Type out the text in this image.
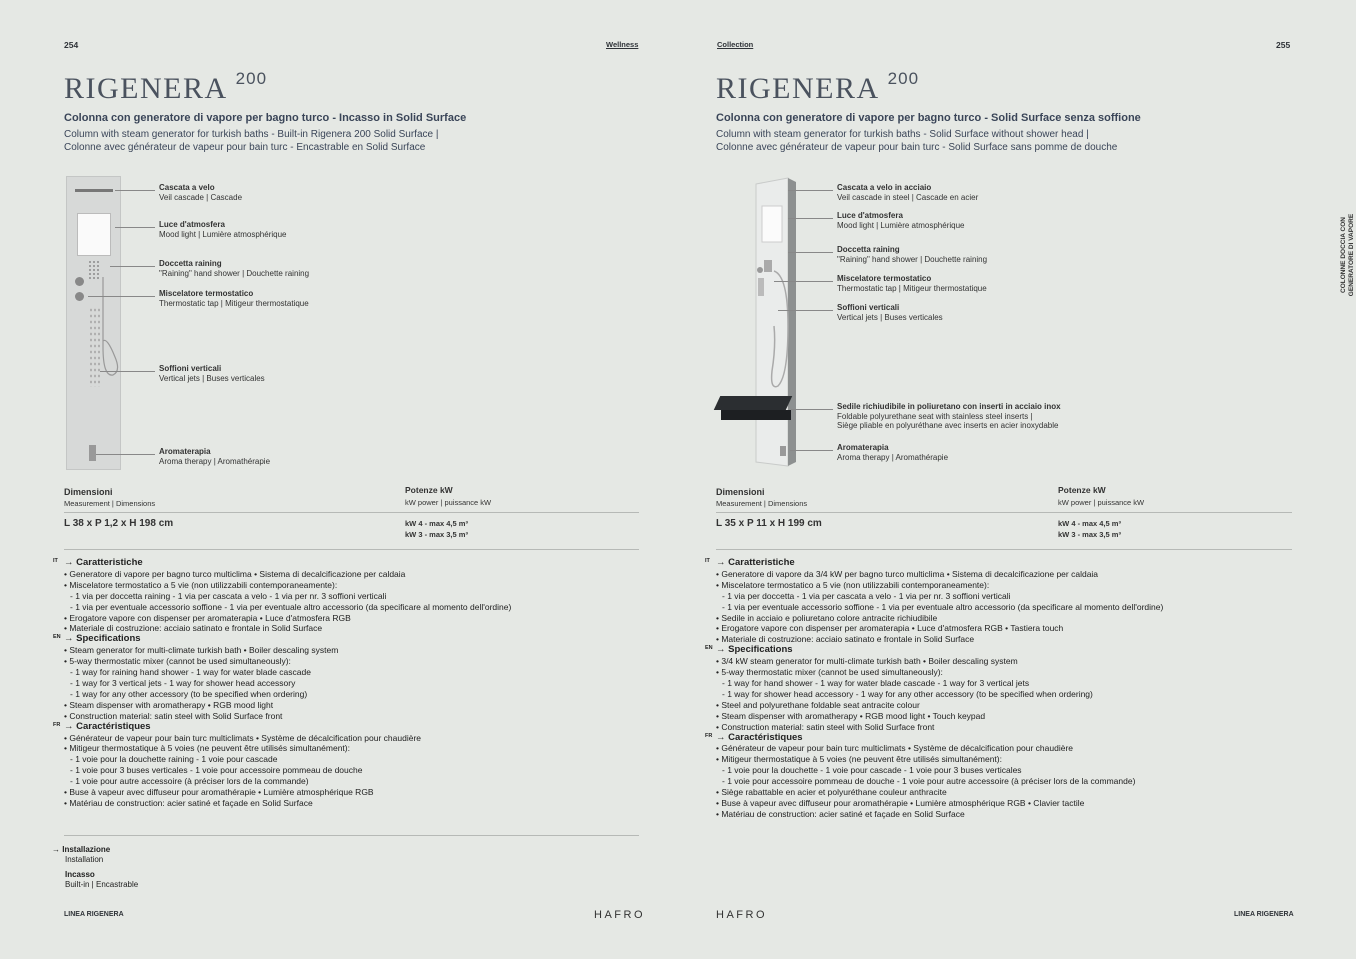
254	Wellness
RIGENERA $^{200}$
Colonna con generatore di vapore per bagno turco - Incasso in Solid Surface
Column with steam generator for turkish baths - Built-in Rigenera 200 Solid Surface |
Colonne avec générateur de vapeur pour bain turc - Encastrable en Solid Surface
Cascata a velo
Veil cascade | Cascade
Luce d'atmosfera
Mood light | Lumière atmosphérique
Doccetta raining
"Raining" hand shower | Douchette raining
Miscelatore termostatico
Thermostatic tap | Mitigeur thermostatique
Soffioni verticali
Vertical jets | Buses verticales
Aromaterapia
Aroma therapy | Aromathérapie
Dimensioni
Measurement | Dimensions
Potenze kW
kW power | puissance kW
L 38 x P 1,2 x H 198 cm	kW 4 - max 4,5 m³
kW 3 - max 3,5 m³
IT → Caratteristiche
• Generatore di vapore per bagno turco multiclima • Sistema di decalcificazione per caldaia
• Miscelatore termostatico a 5 vie (non utilizzabili contemporaneamente):
- 1 via per doccetta raining - 1 via per cascata a velo - 1 via per nr. 3 soffioni verticali
- 1 via per eventuale accessorio soffione - 1 via per eventuale altro accessorio (da specificare al momento dell'ordine)
• Erogatore vapore con dispenser per aromaterapia • Luce d'atmosfera RGB
• Materiale di costruzione: acciaio satinato e frontale in Solid Surface
EN → Specifications
• Steam generator for multi-climate turkish bath • Boiler descaling system
• 5-way thermostatic mixer (cannot be used simultaneously):
- 1 way for raining hand shower - 1 way for water blade cascade
- 1 way for 3 vertical jets - 1 way for shower head accessory
- 1 way for any other accessory (to be specified when ordering)
• Steam dispenser with aromatherapy • RGB mood light
• Construction material: satin steel with Solid Surface front
FR → Caractéristiques
• Générateur de vapeur pour bain turc multiclimats • Système de décalcification pour chaudière
• Mitigeur thermostatique à 5 voies (ne peuvent être utilisés simultanément):
- 1 voie pour la douchette raining - 1 voie pour cascade
- 1 voie pour 3 buses verticales - 1 voie pour accessoire pommeau de douche
- 1 voie pour autre accessoire (à préciser lors de la commande)
• Buse à vapeur avec diffuseur pour aromathérapie • Lumière atmosphérique RGB
• Matériau de construction: acier satiné et façade en Solid Surface
→ Installazione
Installation
Incasso
Built-in | Encastrable
LINEA RIGENERA	HAFRO
Collection	255
RIGENERA $^{200}$
Colonna con generatore di vapore per bagno turco - Solid Surface senza soffione
Column with steam generator for turkish baths - Solid Surface without shower head |
Colonne avec générateur de vapeur pour bain turc - Solid Surface sans pomme de douche
Cascata a velo in acciaio
Veil cascade in steel | Cascade en acier
Luce d'atmosfera
Mood light | Lumière atmosphérique
Doccetta raining
"Raining" hand shower | Douchette raining
Miscelatore termostatico
Thermostatic tap | Mitigeur thermostatique
Soffioni verticali
Vertical jets | Buses verticales
Sedile richiudibile in poliuretano con inserti in acciaio inox
Foldable polyurethane seat with stainless steel inserts |
Siège pliable en polyuréthane avec inserts en acier inoxydable
Aromaterapia
Aroma therapy | Aromathérapie
Dimensioni
Measurement | Dimensions
Potenze kW
kW power | puissance kW
L 35 x P 11 x H 199 cm	kW 4 - max 4,5 m³
kW 3 - max 3,5 m³
IT → Caratteristiche
• Generatore di vapore da 3/4 kW per bagno turco multiclima • Sistema di decalcificazione per caldaia
• Miscelatore termostatico a 5 vie (non utilizzabili contemporaneamente):
- 1 via per doccetta - 1 via per cascata a velo - 1 via per nr. 3 soffioni verticali
- 1 via per eventuale accessorio soffione - 1 via per eventuale altro accessorio (da specificare al momento dell'ordine)
• Sedile in acciaio e poliuretano colore antracite richiudibile
• Erogatore vapore con dispenser per aromaterapia • Luce d'atmosfera RGB • Tastiera touch
• Materiale di costruzione: acciaio satinato e frontale in Solid Surface
EN → Specifications
• 3/4 kW steam generator for multi-climate turkish bath • Boiler descaling system
• 5-way thermostatic mixer (cannot be used simultaneously):
- 1 way for hand shower - 1 way for water blade cascade - 1 way for 3 vertical jets
- 1 way for shower head accessory - 1 way for any other accessory (to be specified when ordering)
• Steel and polyurethane foldable seat antracite colour
• Steam dispenser with aromatherapy • RGB mood light • Touch keypad
• Construction material: satin steel with Solid Surface front
FR → Caractéristiques
• Générateur de vapeur pour bain turc multiclimats • Système de décalcification pour chaudière
• Mitigeur thermostatique à 5 voies (ne peuvent être utilisés simultanément):
- 1 voie pour la douchette - 1 voie pour cascade - 1 voie pour 3 buses verticales
- 1 voie pour accessoire pommeau de douche - 1 voie pour autre accessoire (à préciser lors de la commande)
• Siège rabattable en acier et polyuréthane couleur anthracite
• Buse à vapeur avec diffuseur pour aromathérapie • Lumière atmosphérique RGB • Clavier tactile
• Matériau de construction: acier satiné et façade en Solid Surface
HAFRO	LINEA RIGENERA
COLONNE DOCCIA CON GENERATORE DI VAPORE
